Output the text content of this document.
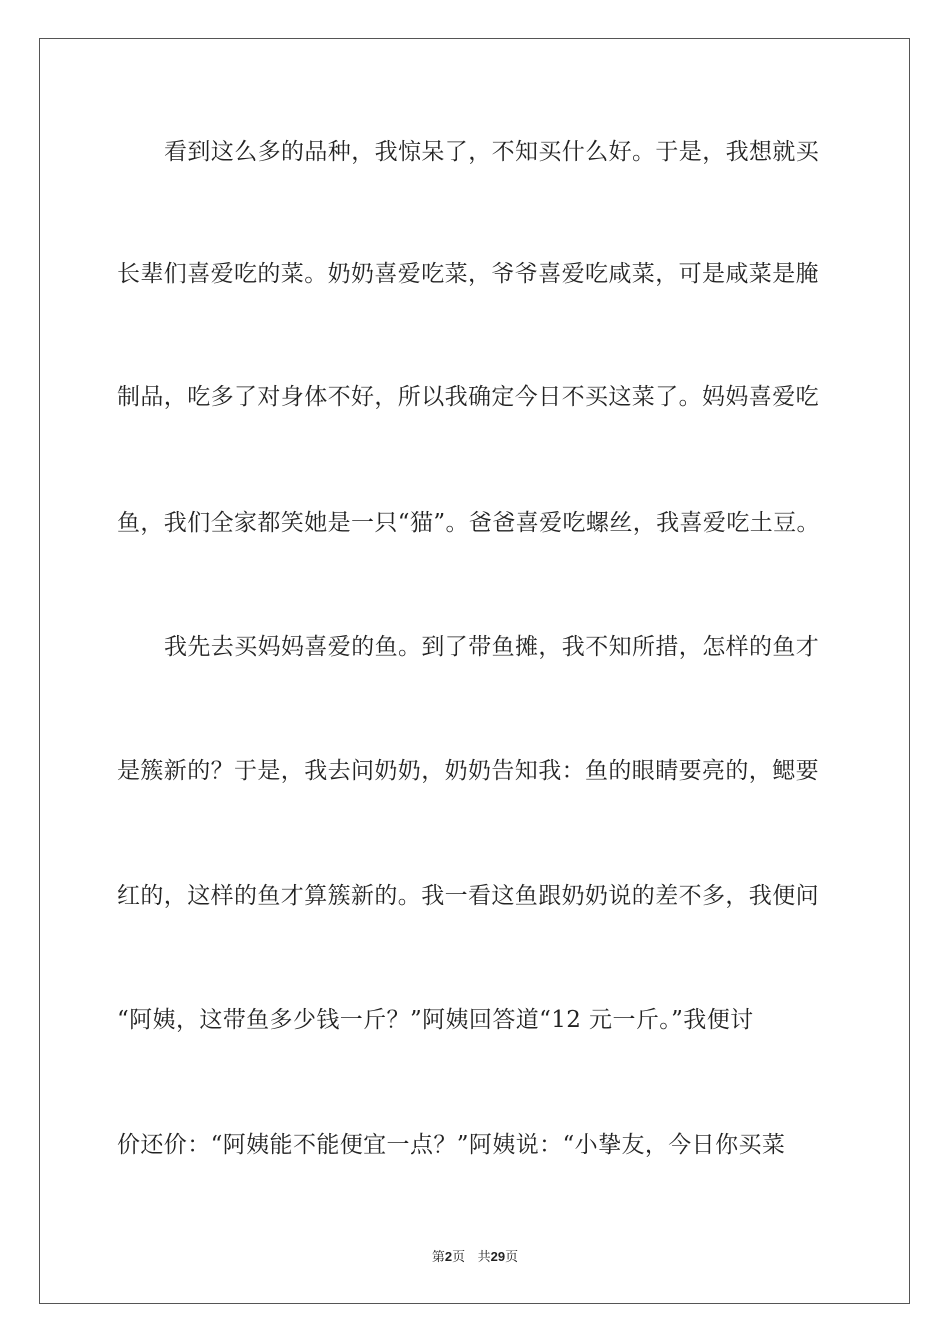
看到这么多的品种，我惊呆了，不知买什么好。于是，我想就买
长辈们喜爱吃的菜。奶奶喜爱吃菜，爷爷喜爱吃咸菜，可是咸菜是腌
制品，吃多了对身体不好，所以我确定今日不买这菜了。妈妈喜爱吃
鱼，我们全家都笑她是一只“猫”。爸爸喜爱吃螺丝，我喜爱吃土豆。
我先去买妈妈喜爱的鱼。到了带鱼摊，我不知所措，怎样的鱼才
是簇新的？于是，我去问奶奶，奶奶告知我：鱼的眼睛要亮的，鳃要
红的，这样的鱼才算簇新的。我一看这鱼跟奶奶说的差不多，我便问
“阿姨，这带鱼多少钱一斤？”阿姨回答道“12 元一斤。”我便讨
价还价：“阿姨能不能便宜一点？”阿姨说：“小挚友，今日你买菜
第2页 共29页
